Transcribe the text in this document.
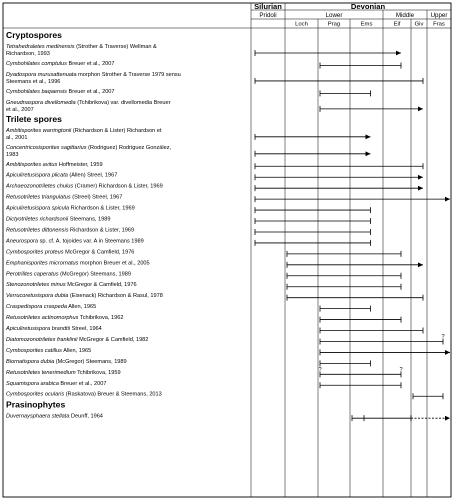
Silurian	Devonian
Pridoli	Lower	Middle	Upper
Loch	Prag	Ems	Eif Giv Fras
Cryptospores
Tetrahedraletes medinensis (Strother & Traverse) Wellman &
Richardson, 1993
Cymbohilates comptulus Breuer et al., 2007
Dyadospora murusattenuata morphon Strother & Traverse 1979 sensu
Steemans et al., 1996
Cymbohilates baqaensis Breuer et al., 2007
Gneudnaspora divellomedia (Tchibrikova) var. divellomedia Breuer
et al., 2007
Trilete spores
Ambitisporites warringtonii (Richardson & Lister) Richardson et
al., 2001
Concentricosisporites sagittarius (Rodriguez) Rodriguez González,
1983
Ambitisporites avitus Hoffmeister, 1959
Apiculiretusispora plicata (Allen) Streel, 1967
Archaeozonotriletes chulus (Cramer) Richardson & Lister, 1969
Retusotriletes triangulatus (Streel) Streel, 1967
Apiculiretusispora spicula Richardson & Lister, 1969
Dictyotriletes richardsonii Steemans, 1989
Retusotriletes dittonensis Richardson & Lister, 1969
Aneurospora sp. cf. A. tojoides var. A in Steemans 1989
Cymbosporites proteus McGregor & Camfield, 1976
Emphanisporites micrornatus morphon Breuer et al., 2005
Perotrilites caperatus (McGregor) Steemans, 1989
Stenozonotriletes minus McGregor & Camfield, 1976
Verrucoretusispora dubia (Eisenack) Richardson & Rasul, 1978
Craspedispora craspeda Allen, 1965
Retusotriletes actinomorphus Tchibrikova, 1962
Apiculiretusispora brandtii Streel, 1964
Diatomozonotriletes franklinii McGregor & Camfield, 1982	?
Cymbosporites catillus Allen, 1965
Biornatispora dubia (McGregor) Steemans, 1989
Retusotriletes tenerimedium Tchibrikova, 1959	?	?
Squamispora arabica Breuer et al., 2007
Cymbosporites ocularis (Raskatova) Breuer & Steemans, 2013
Prasinophytes
Duvernaysphaera stellata Deunff, 1964
